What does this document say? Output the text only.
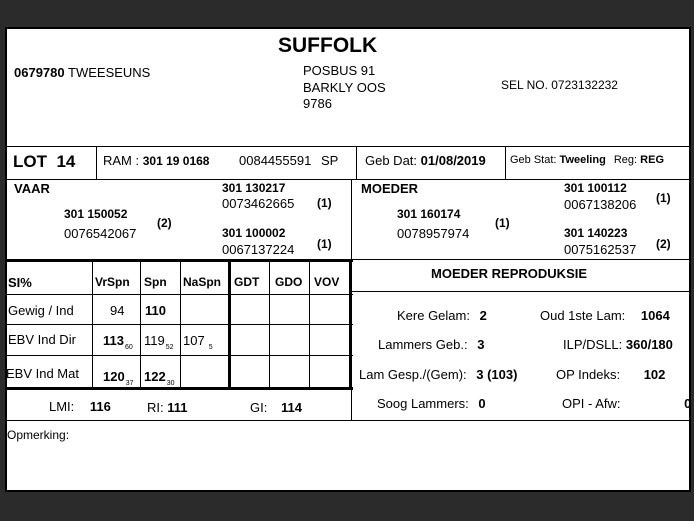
SUFFOLK
0679780 TWEESEUNS	POSBUS 91
BARKLY OOS
9786
SEL NO. 0723132232
LOT 14 RAM : 301 19 0168 0084455591 SP Geb Dat: 01/08/2019 Geb Stat: Tweeling Reg: REG
VAAR
301 150052
0076542067
(2)
301 130217
0073462665 (1)
301 100002
0067137224 (1)
MOEDER
301 160174
0078957974
(1)
301 100112
0067138206 (1)
301 140223
0075162537 (2)
SI%	VrSpn Spn NaSpn GDT GDO VOV
Gewig / Ind	94 110
EBV Ind Dir $113_{60}$ $119_{52}$ 107 $_5$
EBV Ind Mat $120_{37}$ $122_{30}$
LMI: 116	RI: 111	GI: 114
MOEDER REPRODUKSIE
Kere Gelam: 2	Oud 1ste Lam: 1064
Lammers Geb.: 3	ILP/DSLL: 360/180
Lam Gesp./(Gem): 3 (103)	OP Indeks: 102
Soog Lammers: 0	OPI - Afw:	0
Opmerking:
